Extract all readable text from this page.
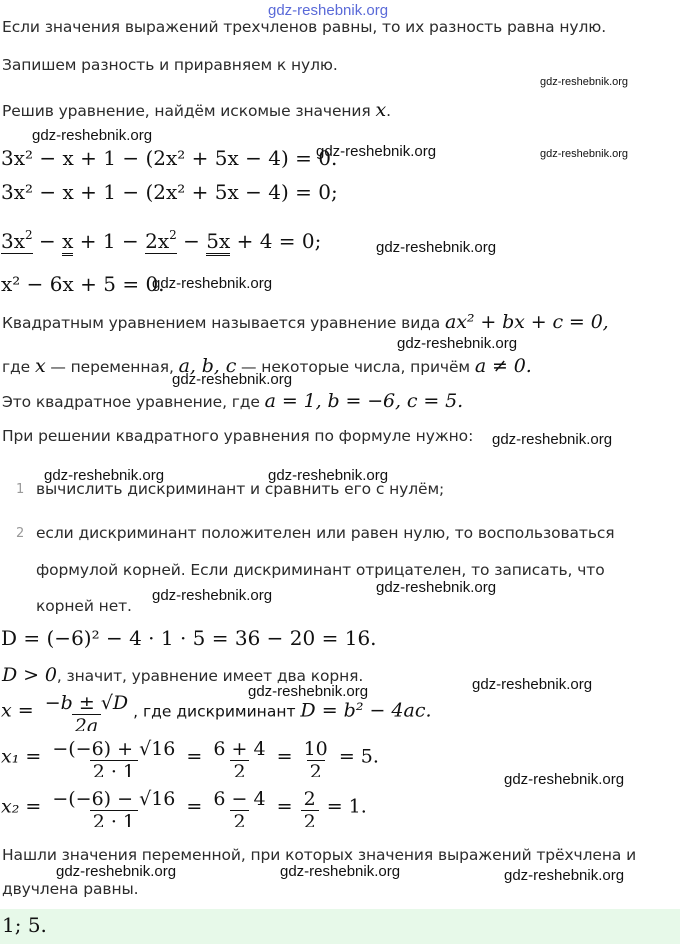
gdz-reshebnik.org
gdz-reshebnik.org
gdz-reshebnik.org
gdz-reshebnik.org	gdz-reshebnik.org
gdz-reshebnik.org
gdz-reshebnik.org
gdz-reshebnik.org
gdz-reshebnik.org
gdz-reshebnik.org
gdz-reshebnik.org	gdz-reshebnik.org
gdz-reshebnik.org
gdz-reshebnik.org
gdz-reshebnik.org
gdz-reshebnik.org
gdz-reshebnik.org
gdz-reshebnik.org	gdz-reshebnik.org	gdz-reshebnik.org
Если значения выражений трехчленов равны, то их разность равна нулю.
Запишем разность и приравняем к нулю.
Решив уравнение, найдём искомые значения x.
3x² − x + 1 − (2x² + 5x − 4) = 0.
3x² − x + 1 − (2x² + 5x − 4) = 0;
$3x^2 - x + 1 - 2x^2 - 5x + 4 = 0$;
x² − 6x + 5 = 0.
Квадратным уравнением называется уравнение вида ax² + bx + c = 0,
где x — переменная, a, b, c — некоторые числа, причём a ≠ 0.
Это квадратное уравнение, где a = 1, b = −6, c = 5.
При решении квадратного уравнения по формуле нужно:
1 вычислить дискриминант и сравнить его с нулём;
2 если дискриминант положителен или равен нулю, то воспользоваться
формулой корней. Если дискриминант отрицателен, то записать, что
корней нет.
D = (−6)² − 4 · 1 · 5 = 36 − 20 = 16.
D > 0, значит, уравнение имеет два корня.
$x = \frac{-b \pm √D}{2a}$ , где дискриминант D = b² − 4ac.
$x_1 = \frac{-(-6) + √16}{2 \cdot 1} = \frac{6 + 4}{2} = \frac{10}{2} = 5$.
$x_2 = \frac{-(-6) - √16}{2 \cdot 1} = \frac{6 - 4}{2} = \frac{2}{2} = 1$.
Нашли значения переменной, при которых значения выражений трёхчлена и
двучлена равны.
1; 5.
